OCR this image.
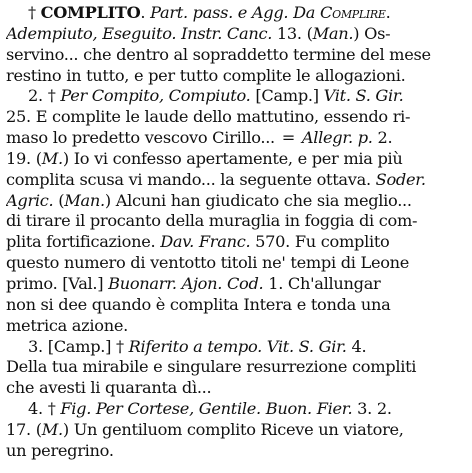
† COMPLITO. Part. pass. e Agg. Da Complire.
Adempiuto, Eseguito. Instr. Canc. 13. (Man.) Os-
servino... che dentro al sopraddetto termine del mese
restino in tutto, e per tutto complite le allogazioni.
2. † Per Compito, Compiuto. [Camp.] Vit. S. Gir.
25. E complite le laude dello mattutino, essendo ri-
maso lo predetto vescovo Cirillo... = Allegr. p. 2.
19. (M.) Io vi confesso apertamente, e per mia più
complita scusa vi mando... la seguente ottava. Soder.
Agric. (Man.) Alcuni han giudicato che sia meglio...
di tirare il procanto della muraglia in foggia di com-
plita fortificazione. Dav. Franc. 570. Fu complito
questo numero di ventotto titoli ne' tempi di Leone
primo. [Val.] Buonarr. Ajon. Cod. 1. Ch'allungar
non si dee quando è complita Intera e tonda una
metrica azione.
3. [Camp.] † Riferito a tempo. Vit. S. Gir. 4.
Della tua mirabile e singulare resurrezione compliti
che avesti li quaranta dì...
4. † Fig. Per Cortese, Gentile. Buon. Fier. 3. 2.
17. (M.) Un gentiluom complito Riceve un viatore,
un peregrino.
